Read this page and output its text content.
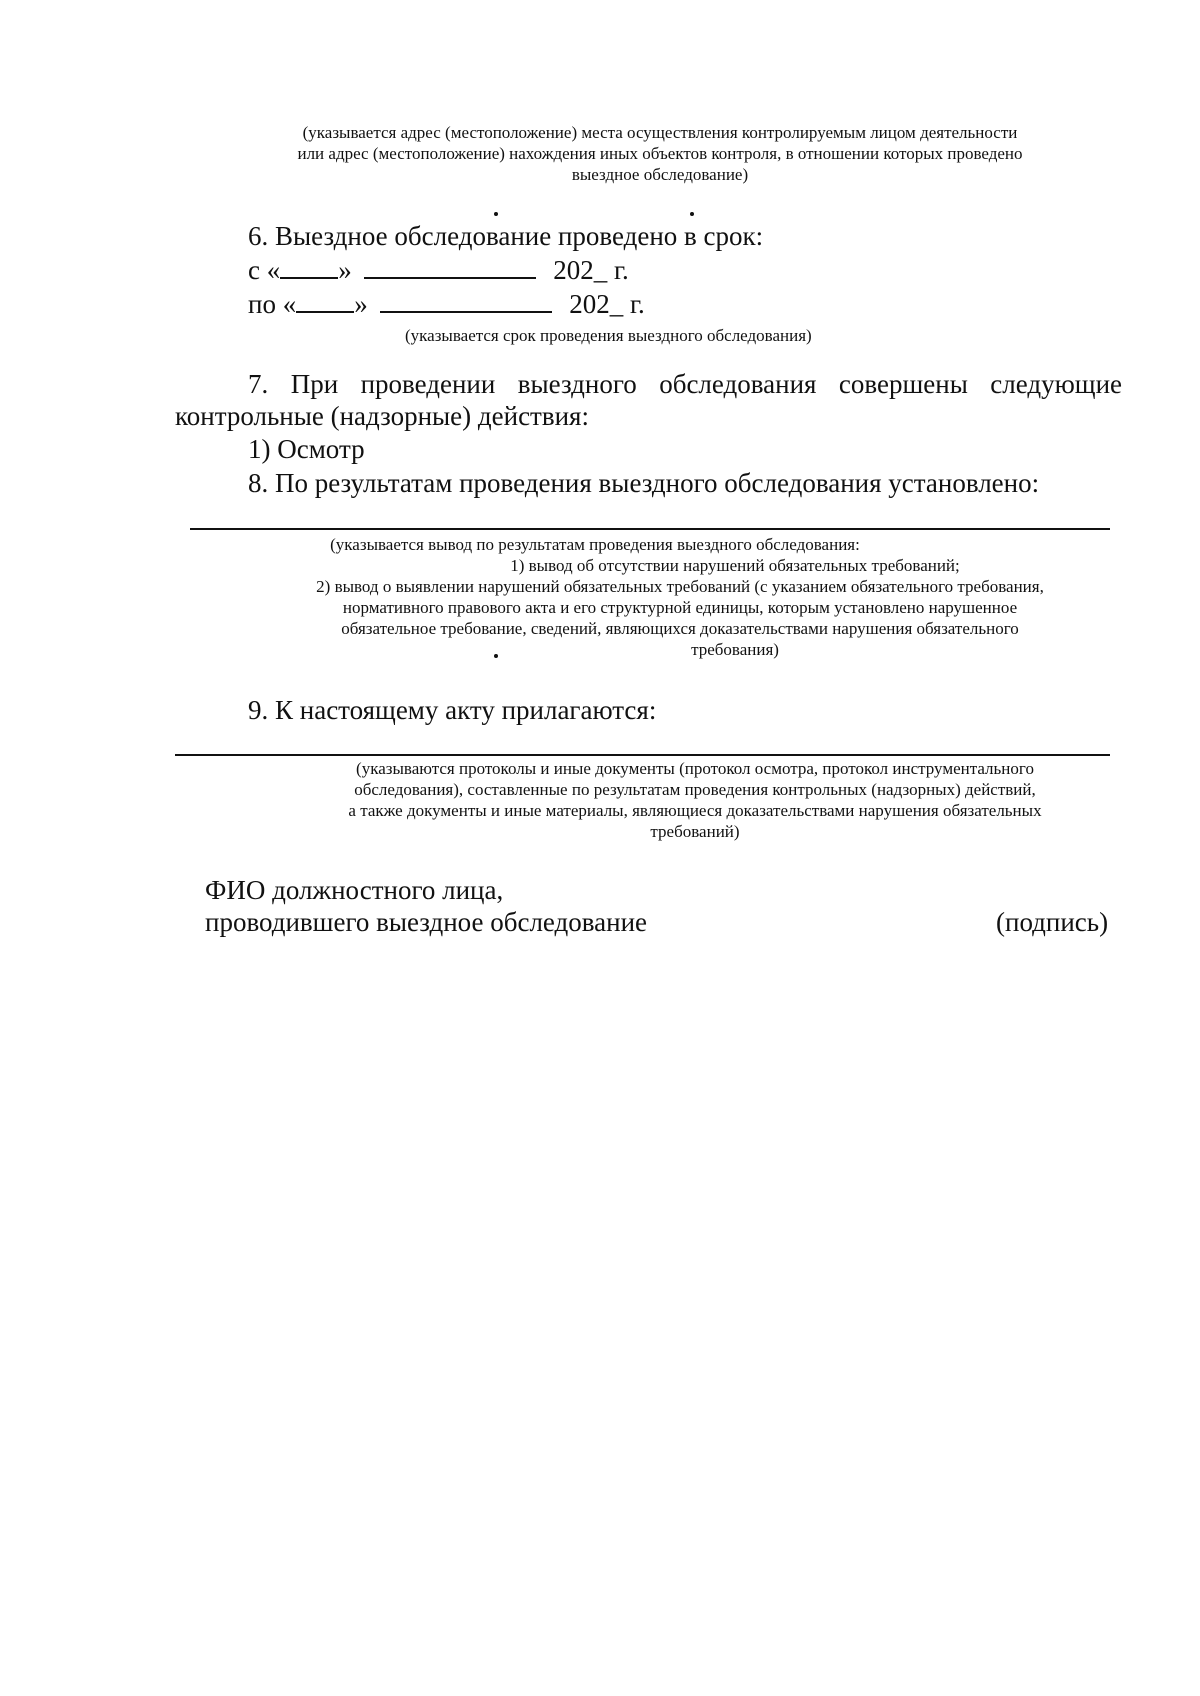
(указывается адрес (местоположение) места осуществления контролируемым лицом деятельности
или адрес (местоположение) нахождения иных объектов контроля, в отношении которых проведено
выездное обследование)
6. Выездное обследование проведено в срок:
с « »	202_ г.
по « »	202_ г.
(указывается срок проведения выездного обследования)
7. При проведении выездного обследования совершены следующие
контрольные (надзорные) действия:
1) Осмотр
8. По результатам проведения выездного обследования установлено:
(указывается вывод по результатам проведения выездного обследования:
1) вывод об отсутствии нарушений обязательных требований;
2) вывод о выявлении нарушений обязательных требований (с указанием обязательного требования,
нормативного правового акта и его структурной единицы, которым установлено нарушенное
обязательное требование, сведений, являющихся доказательствами нарушения обязательного
требования)
9. К настоящему акту прилагаются:
(указываются протоколы и иные документы (протокол осмотра, протокол инструментального
обследования), составленные по результатам проведения контрольных (надзорных) действий,
а также документы и иные материалы, являющиеся доказательствами нарушения обязательных
требований)
ФИО должностного лица,
проводившего выездное обследование	(подпись)
